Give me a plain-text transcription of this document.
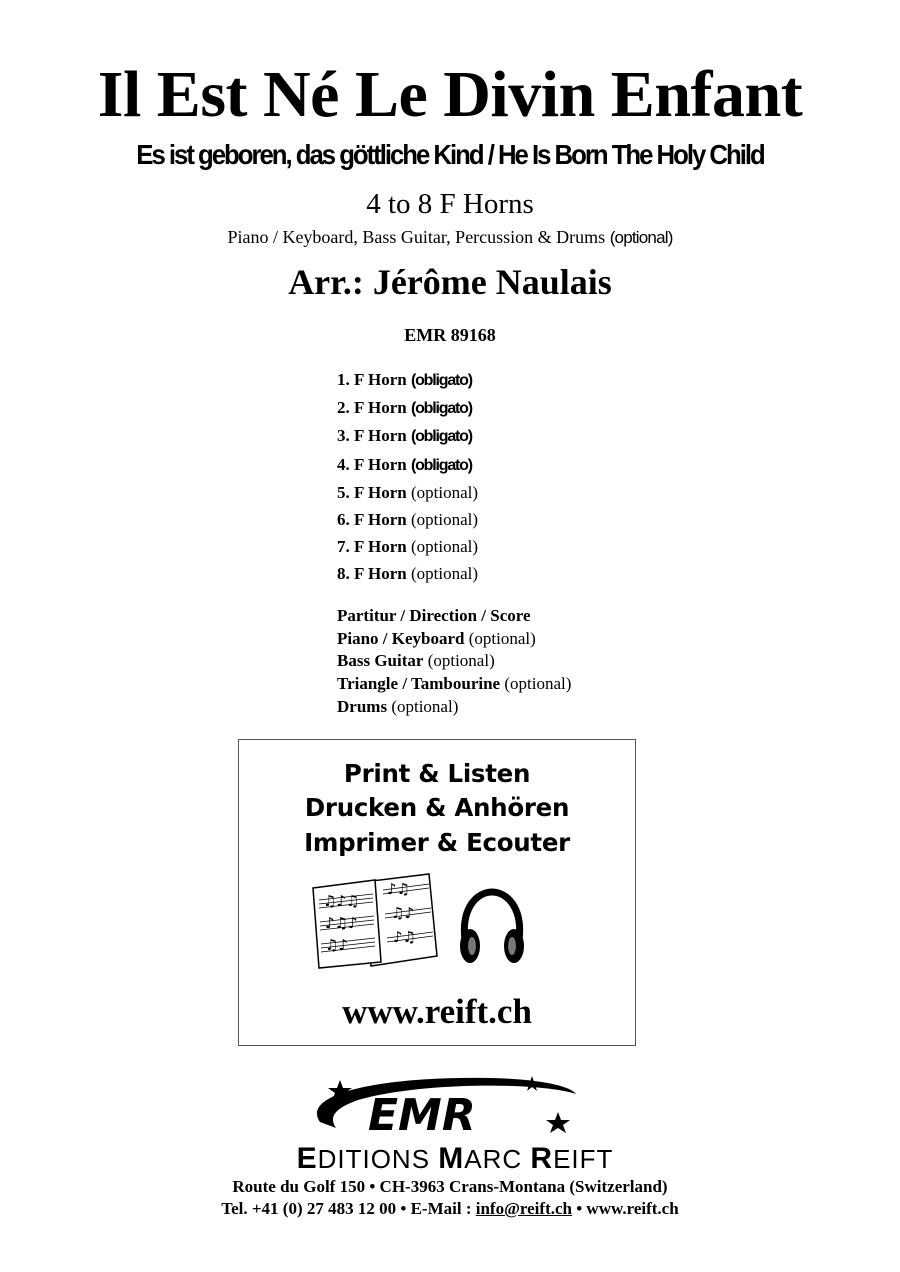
Il Est Né Le Divin Enfant
Es ist geboren, das göttliche Kind / He Is Born The Holy Child
4 to 8 F Horns
Piano / Keyboard, Bass Guitar, Percussion & Drums (optional)
Arr.: Jérôme Naulais
EMR 89168
1. F Horn (obligato)
2. F Horn (obligato)
3. F Horn (obligato)
4. F Horn (obligato)
5. F Horn (optional)
6. F Horn (optional)
7. F Horn (optional)
8. F Horn (optional)
Partitur / Direction / Score
Piano / Keyboard (optional)
Bass Guitar (optional)
Triangle / Tambourine (optional)
Drums (optional)
Print & Listen
Drucken & Anhören
Imprimer & Ecouter
♫♪♫
♪♫♪
♫♪
♪♫
♫♪
♪♫
www.reift.ch
EMR
EDITIONS MARC REIFT
Route du Golf 150 • CH-3963 Crans-Montana (Switzerland)
Tel. +41 (0) 27 483 12 00 • E-Mail : info@reift.ch • www.reift.ch
